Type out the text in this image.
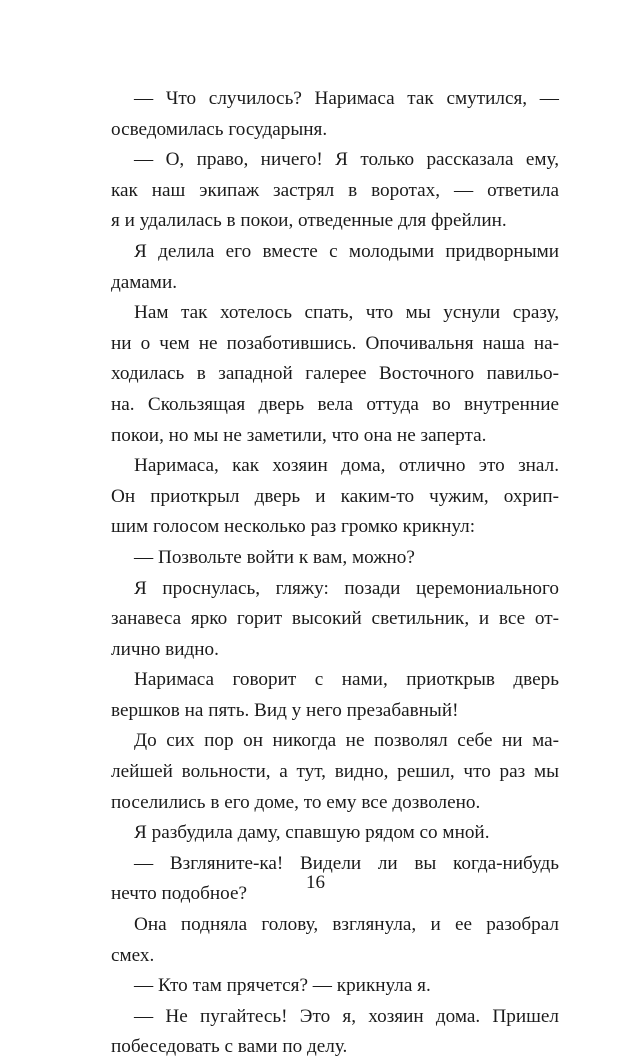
— Что случилось? Наримаса так смутился, —
осведомилась государыня.
— О, право, ничего! Я только рассказала ему,
как наш экипаж застрял в воротах, — ответила
я и удалилась в покои, отведенные для фрейлин.
Я делила его вместе с молодыми придворными
дамами.
Нам так хотелось спать, что мы уснули сразу,
ни о чем не позаботившись. Опочивальня наша на-
ходилась в западной галерее Восточного павильо-
на. Скользящая дверь вела оттуда во внутренние
покои, но мы не заметили, что она не заперта.
Наримаса, как хозяин дома, отлично это знал.
Он приоткрыл дверь и каким-то чужим, охрип-
шим голосом несколько раз громко крикнул:
— Позвольте войти к вам, можно?
Я проснулась, гляжу: позади церемониального
занавеса ярко горит высокий светильник, и все от-
лично видно.
Наримаса говорит с нами, приоткрыв дверь
вершков на пять. Вид у него презабавный!
До сих пор он никогда не позволял себе ни ма-
лейшей вольности, а тут, видно, решил, что раз мы
поселились в его доме, то ему все дозволено.
Я разбудила даму, спавшую рядом со мной.
— Взгляните-ка! Видели ли вы когда-нибудь
нечто подобное?
Она подняла голову, взглянула, и ее разобрал
смех.
— Кто там прячется? — крикнула я.
— Не пугайтесь! Это я, хозяин дома. Пришел
побеседовать с вами по делу.
16
